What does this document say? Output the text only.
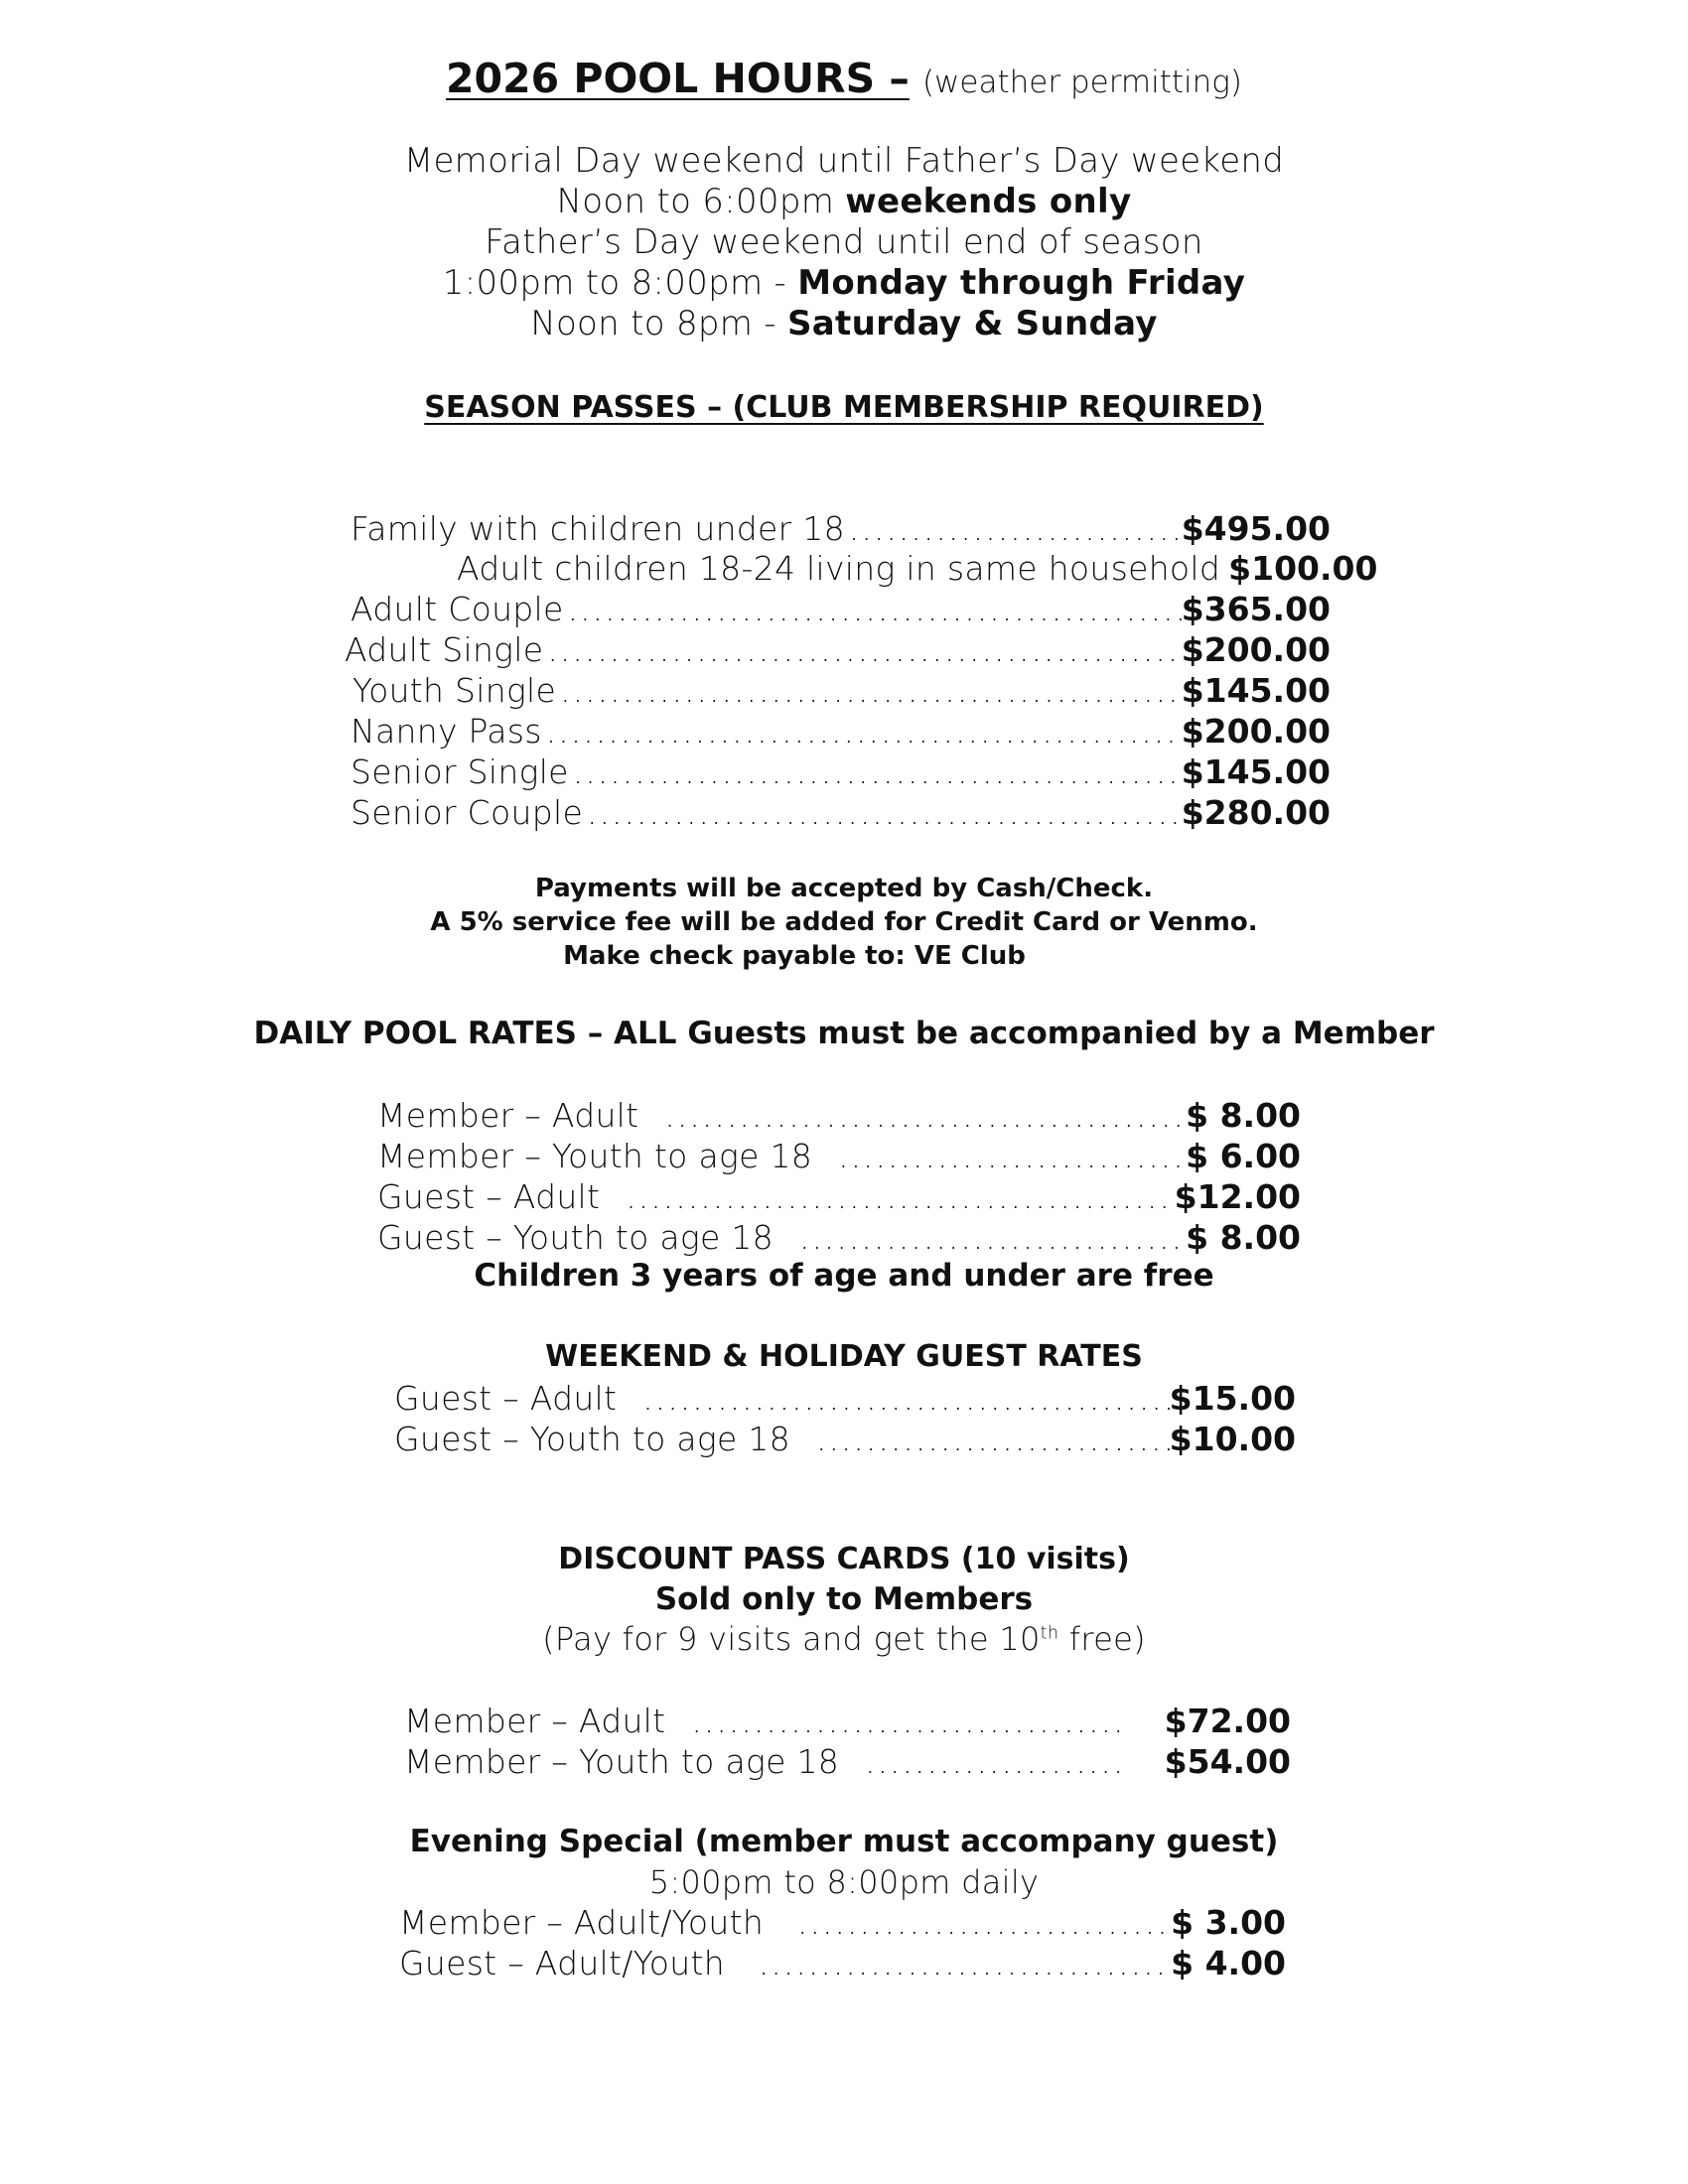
2026 POOL HOURS – (weather permitting)
Memorial Day weekend until Father’s Day weekend
Noon to 6:00pm weekends only
Father’s Day weekend until end of season
1:00pm to 8:00pm - Monday through Friday
Noon to 8pm - Saturday & Sunday
SEASON PASSES – (CLUB MEMBERSHIP REQUIRED)
Family with children under 18 .....	$495.00
Adult children 18-24 living in same household ..... $100.00
Adult Couple .....	$365.00
Adult Single .....	$200.00
Youth Single .....	$145.00
Nanny Pass .....	$200.00
Senior Single .....	$145.00
Senior Couple .....	$280.00
Payments will be accepted by Cash/Check.
A 5% service fee will be added for Credit Card or Venmo.
Make check payable to: VE Club
DAILY POOL RATES – ALL Guests must be accompanied by a Member
Member – Adult .....	$ 8.00
Member – Youth to age 18 .....	$ 6.00
Guest – Adult .....	$12.00
Guest – Youth to age 18 .....	$ 8.00
Children 3 years of age and under are free
WEEKEND & HOLIDAY GUEST RATES
Guest – Adult .....	$15.00
Guest – Youth to age 18 .....	$10.00
DISCOUNT PASS CARDS (10 visits)
Sold only to Members
(Pay for 9 visits and get the 10th free)
Member – Adult .....	$72.00
Member – Youth to age 18 .....	$54.00
Evening Special (member must accompany guest)
5:00pm to 8:00pm daily
Member – Adult/Youth .....	$ 3.00
Guest – Adult/Youth .....	$ 4.00
